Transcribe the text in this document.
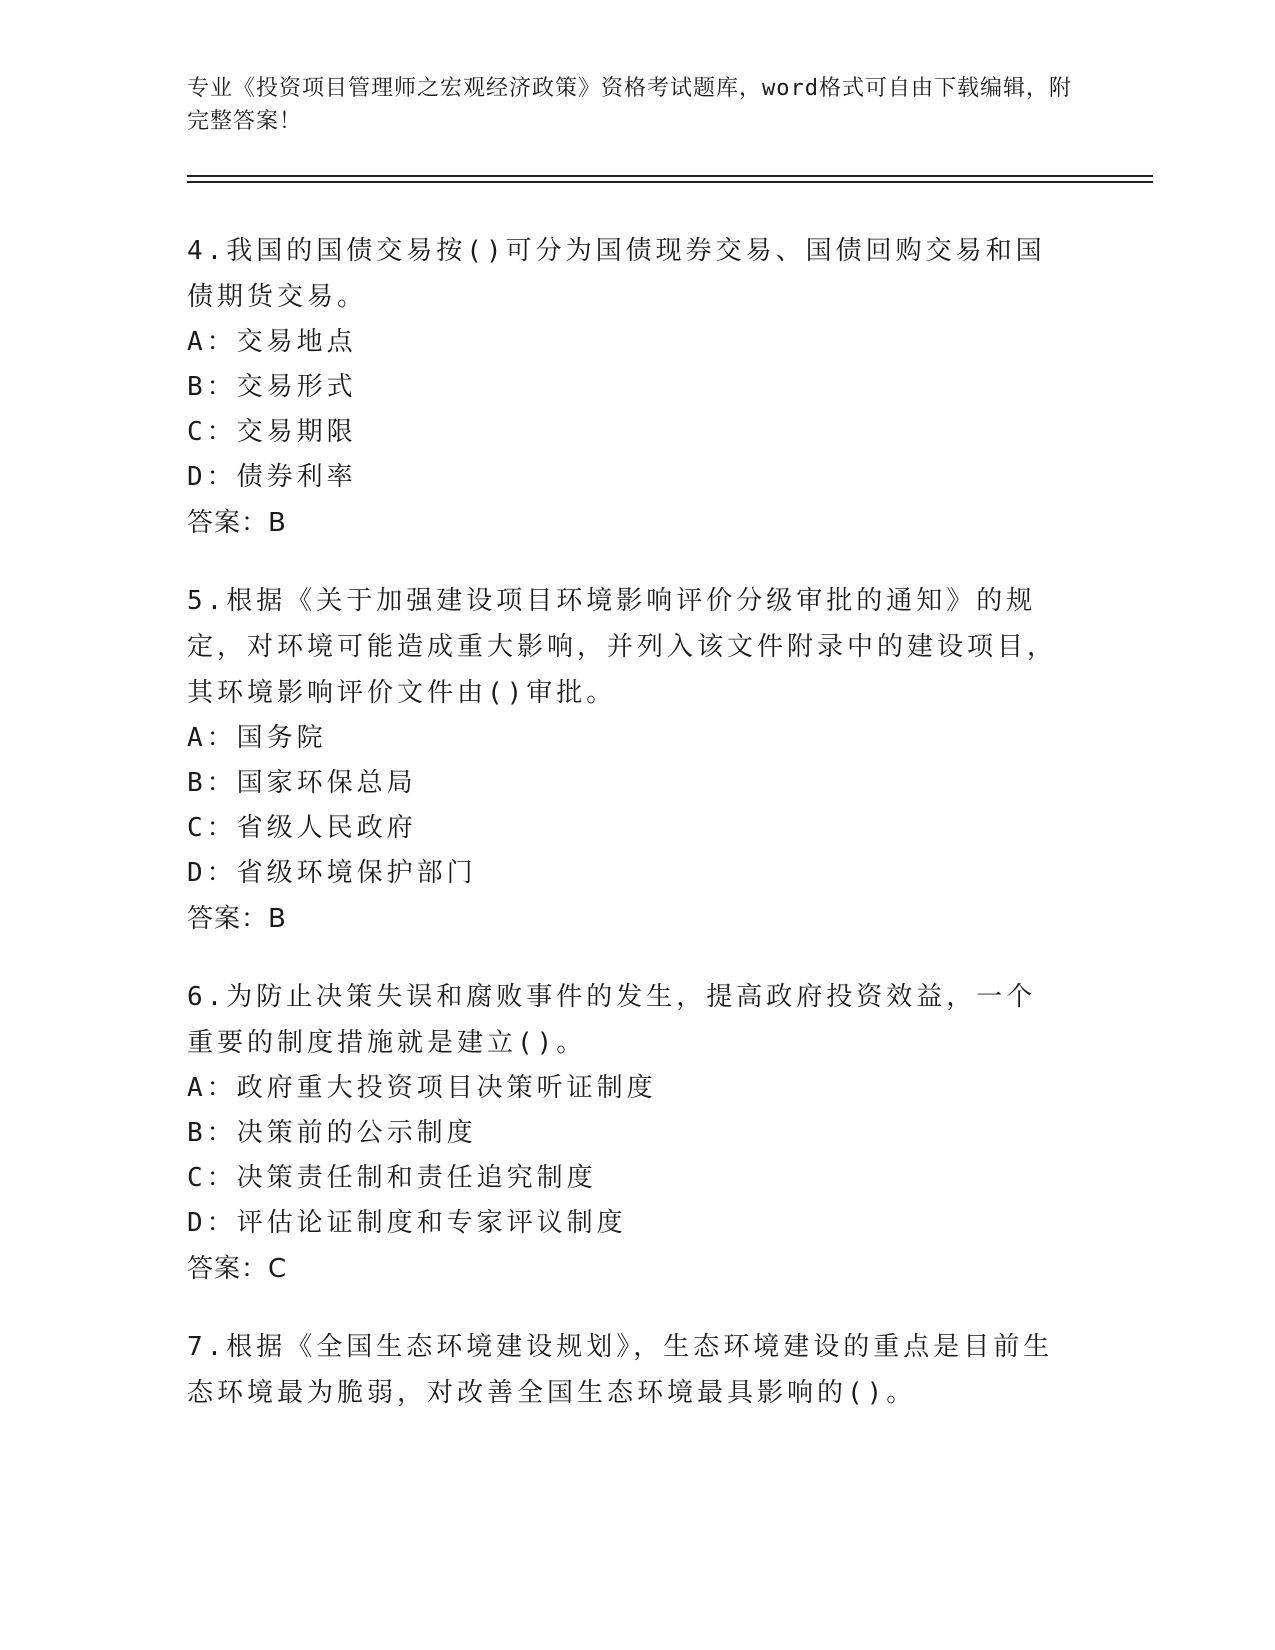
专业《投资项目管理师之宏观经济政策》资格考试题库，word格式可自由下载编辑，附完整答案！
4.我国的国债交易按()可分为国债现券交易、国债回购交易和国债期货交易。
A：交易地点
B：交易形式
C：交易期限
D：债券利率
答案：B
5.根据《关于加强建设项目环境影响评价分级审批的通知》的规定，对环境可能造成重大影响，并列入该文件附录中的建设项目，其环境影响评价文件由()审批。
A：国务院
B：国家环保总局
C：省级人民政府
D：省级环境保护部门
答案：B
6.为防止决策失误和腐败事件的发生，提高政府投资效益，一个重要的制度措施就是建立()。
A：政府重大投资项目决策听证制度
B：决策前的公示制度
C：决策责任制和责任追究制度
D：评估论证制度和专家评议制度
答案：C
7.根据《全国生态环境建设规划》，生态环境建设的重点是目前生态环境最为脆弱，对改善全国生态环境最具影响的()。
